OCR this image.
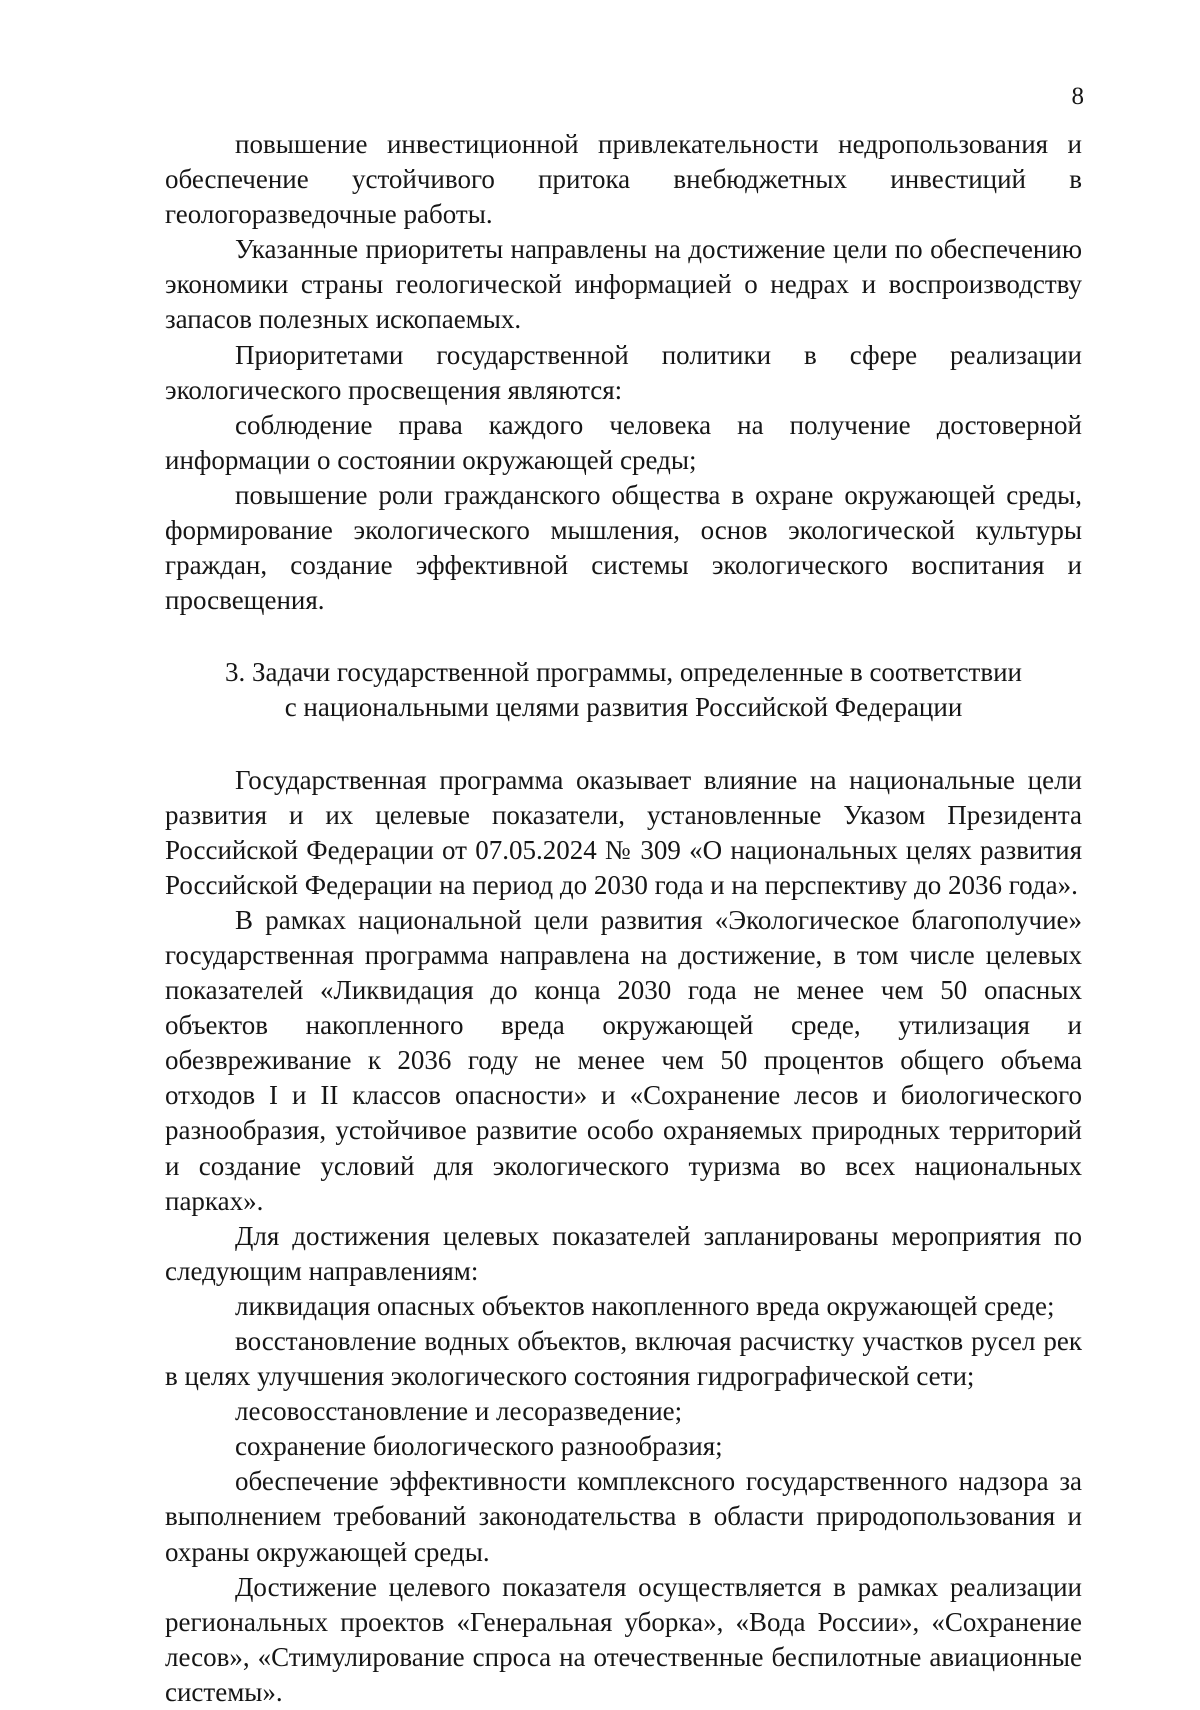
8

повышение инвестиционной привлекательности недропользования и обеспечение устойчивого притока внебюджетных инвестиций в геологоразведочные работы.

Указанные приоритеты направлены на достижение цели по обеспечению экономики страны геологической информацией о недрах и воспроизводству запасов полезных ископаемых.

Приоритетами государственной политики в сфере реализации экологического просвещения являются:

соблюдение права каждого человека на получение достоверной информации о состоянии окружающей среды;

повышение роли гражданского общества в охране окружающей среды, формирование экологического мышления, основ экологической культуры граждан, создание эффективной системы экологического воспитания и просвещения.

3. Задачи государственной программы, определенные в соответствии

с национальными целями развития Российской Федерации

Государственная программа оказывает влияние на национальные цели развития и их целевые показатели, установленные Указом Президента Российской Федерации от 07.05.2024 № 309 «О национальных целях развития Российской Федерации на период до 2030 года и на перспективу до 2036 года».

В рамках национальной цели развития «Экологическое благополучие» государственная программа направлена на достижение, в том числе целевых показателей «Ликвидация до конца 2030 года не менее чем 50 опасных объектов накопленного вреда окружающей среде, утилизация и обезвреживание к 2036 году не менее чем 50 процентов общего объема отходов I и II классов опасности» и «Сохранение лесов и биологического разнообразия, устойчивое развитие особо охраняемых природных территорий и создание условий для экологического туризма во всех национальных парках».

Для достижения целевых показателей запланированы мероприятия по следующим направлениям:

ликвидация опасных объектов накопленного вреда окружающей среде;

восстановление водных объектов, включая расчистку участков русел рек в целях улучшения экологического состояния гидрографической сети;

лесовосстановление и лесоразведение;

сохранение биологического разнообразия;

обеспечение эффективности комплексного государственного надзора за выполнением требований законодательства в области природопользования и охраны окружающей среды.

Достижение целевого показателя осуществляется в рамках реализации региональных проектов «Генеральная уборка», «Вода России», «Сохранение лесов», «Стимулирование спроса на отечественные беспилотные авиационные системы».
